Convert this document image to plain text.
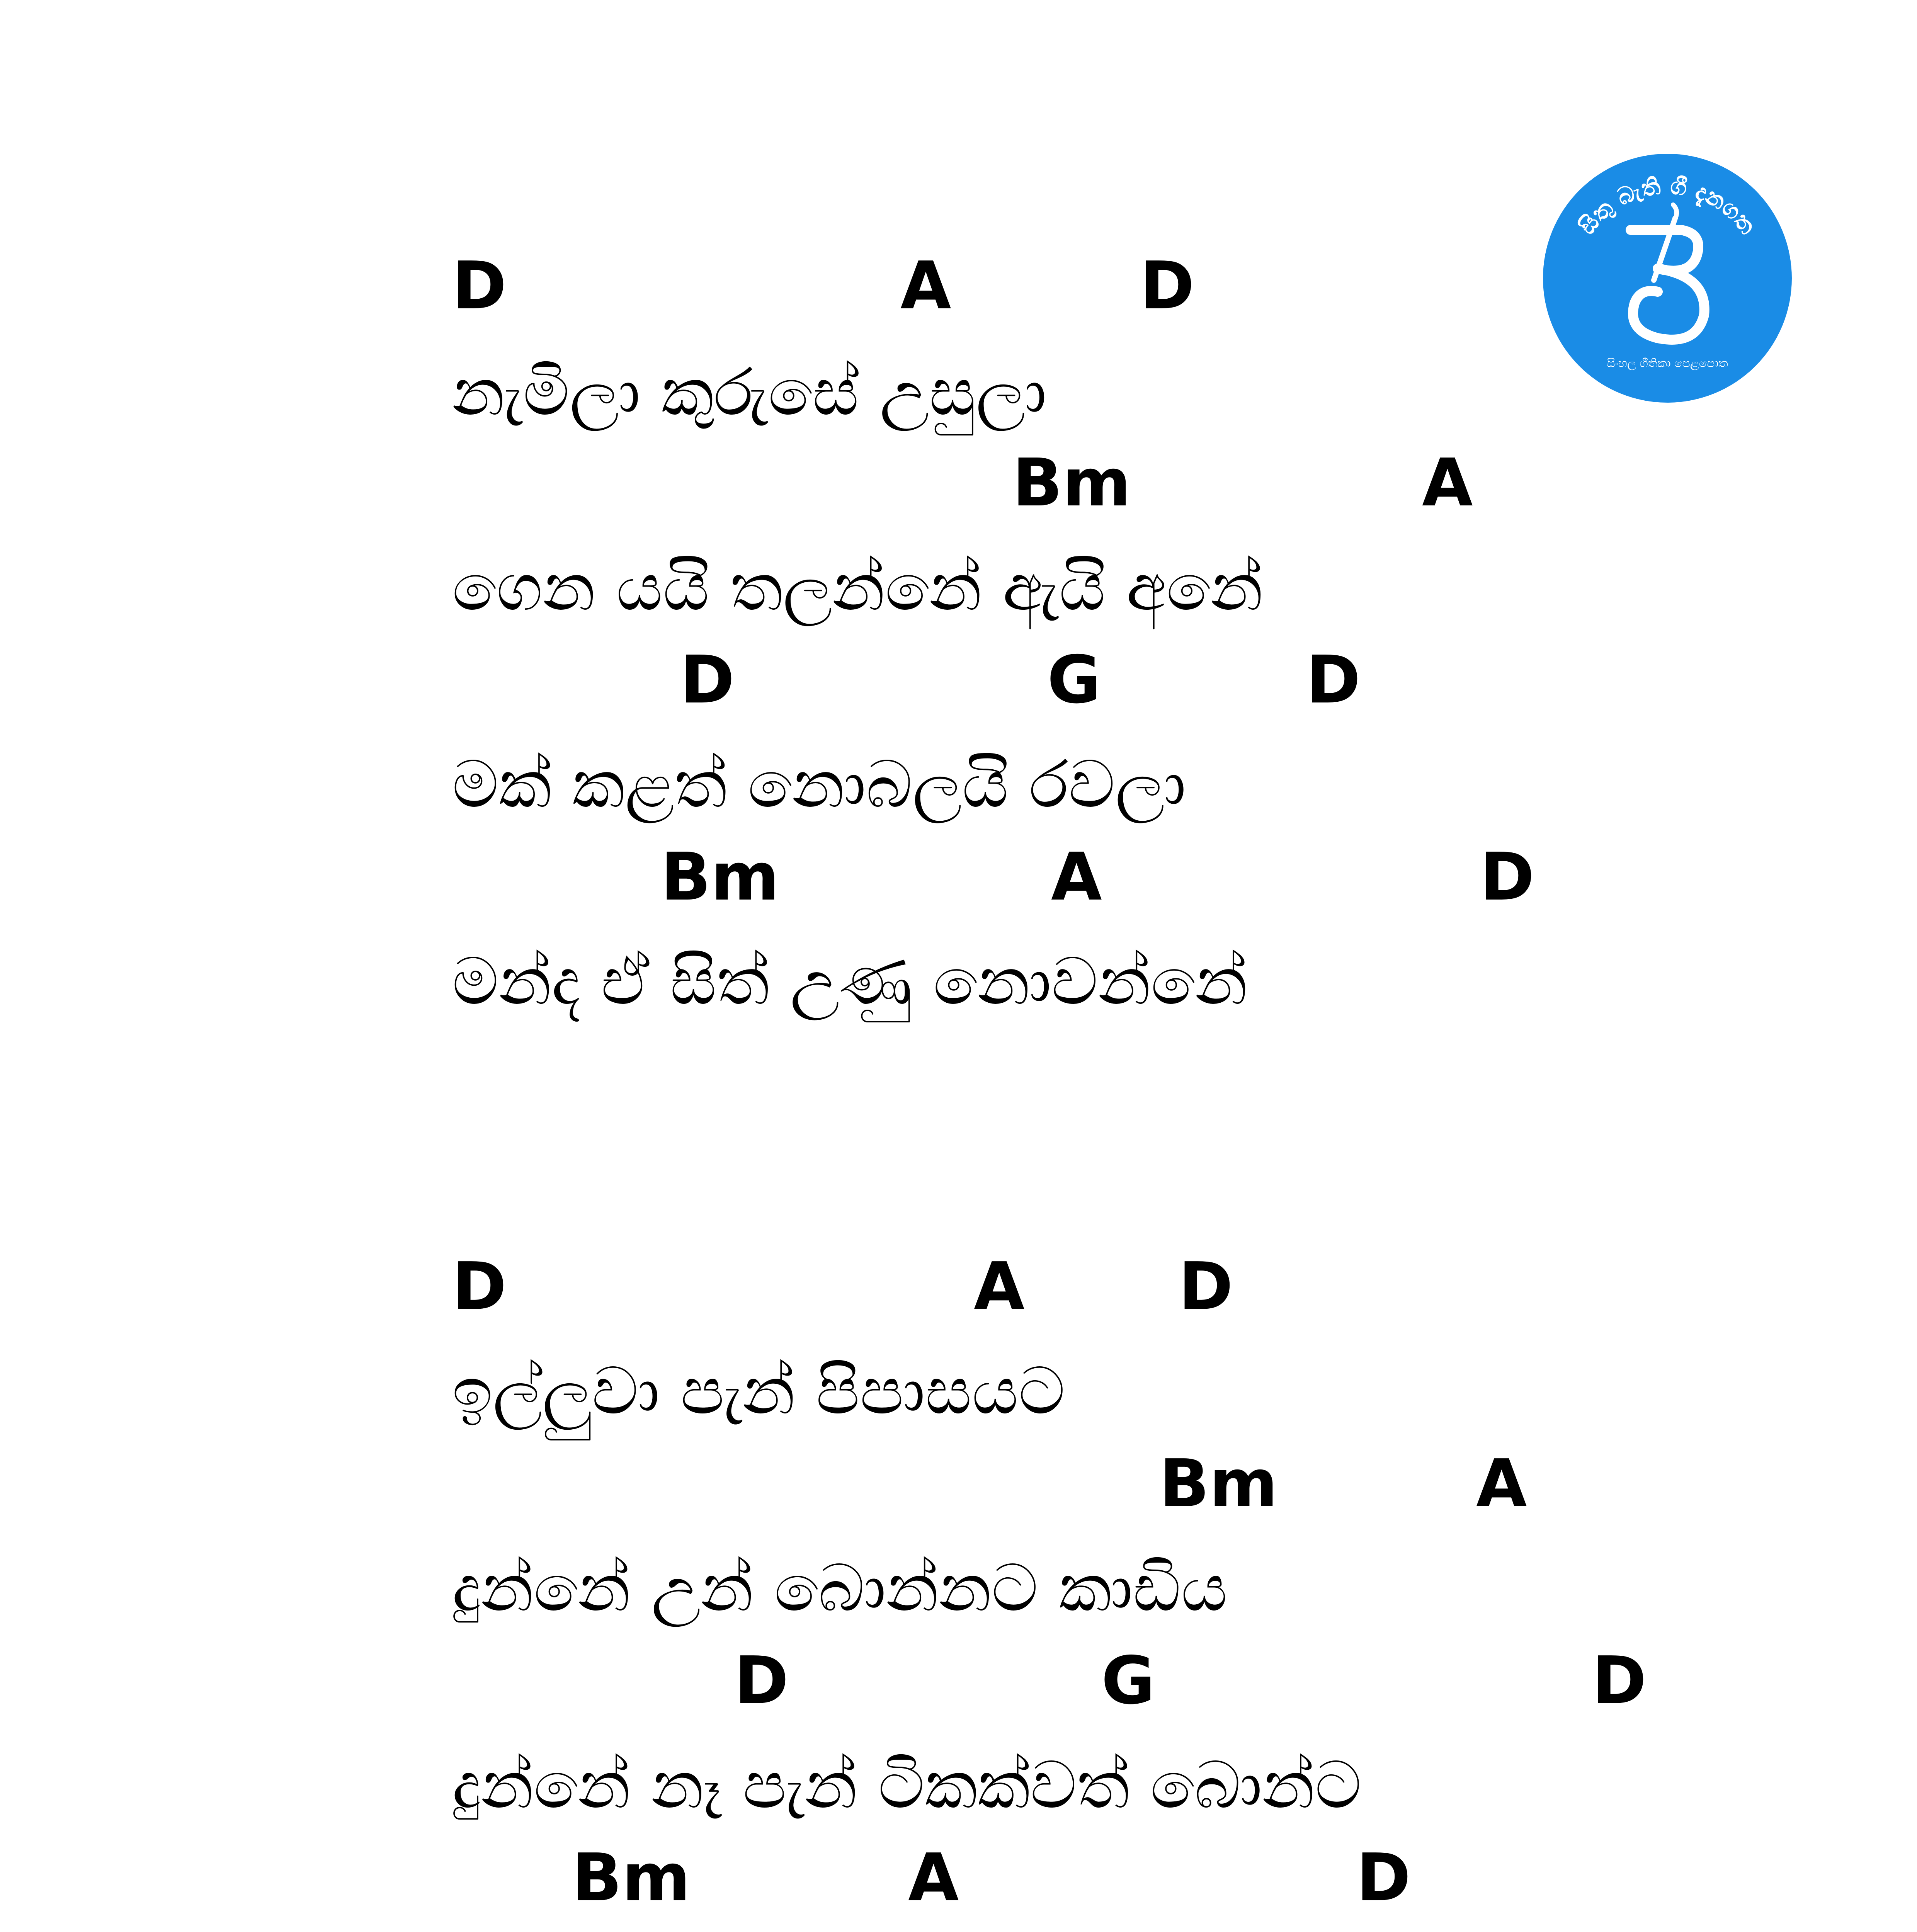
සිතු බැති ගී දැනගත
සිංහල ගීතිකා පෙළපොත
D	A	D
නැමිලා කුරුසේ උසුලා
Bm	A
ගෙන යයි තලන්නේ ඇයි අනේ
D	G	D
මක් කළත් නොබලයි රවලා
Bm	A	D
මන්ද ඒ සිත් උණු නොවන්නේ
D	A D
ඉල්ලුවා පැන් පිපාසයට
Bm	A
දුන්නේ උන් බොන්නට කාඩිය
D	G	D
දුන්නේ නෑ පැන් ටිකක්වත් බොන්ට
Bm	A	D
